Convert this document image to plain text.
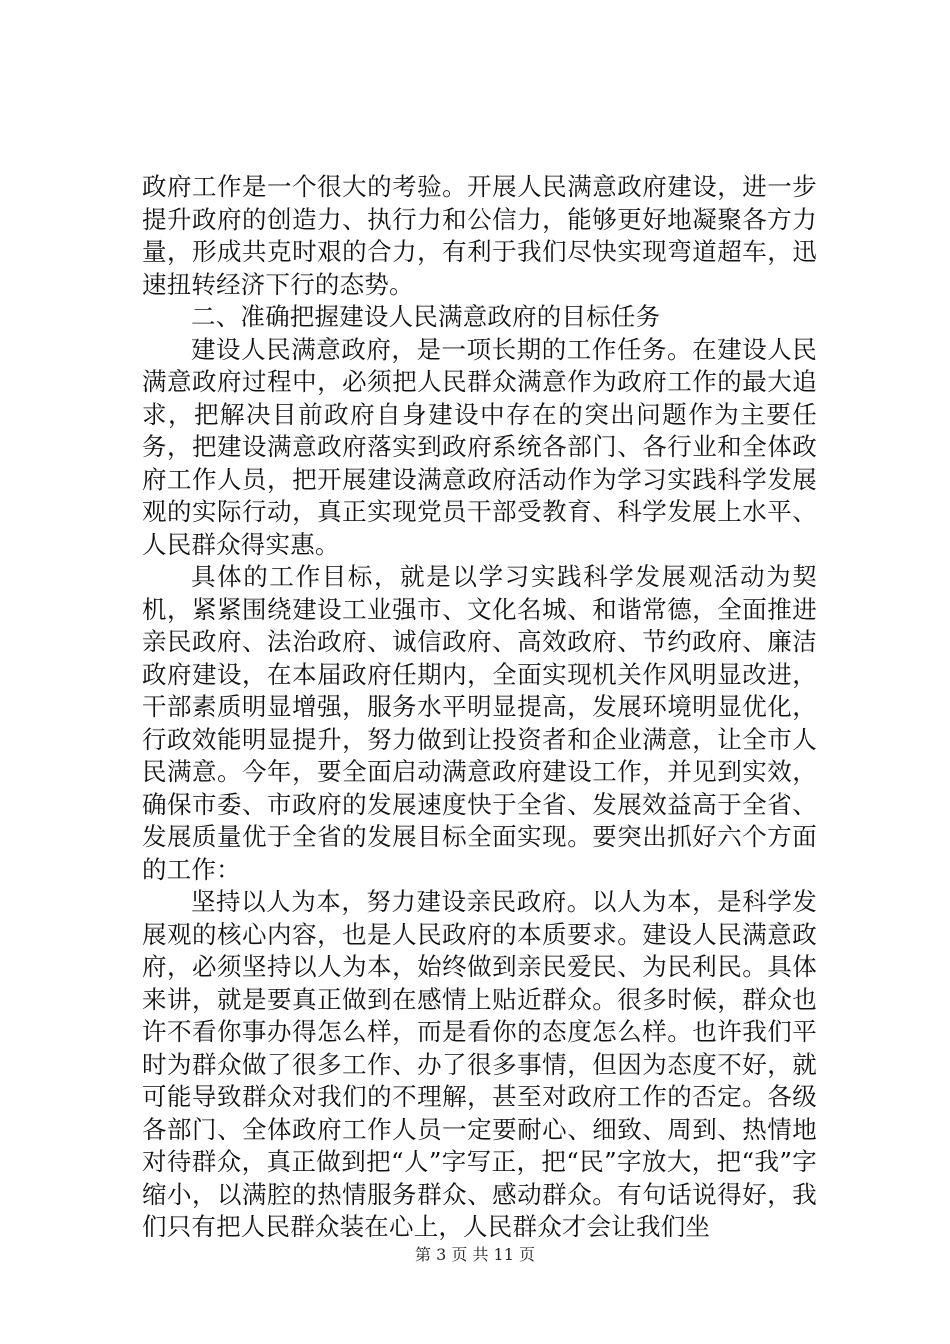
政府工作是一个很大的考验。开展人民满意政府建设，进一步提升政府的创造力、执行力和公信力，能够更好地凝聚各方力量，形成共克时艰的合力，有利于我们尽快实现弯道超车，迅速扭转经济下行的态势。

二、准确把握建设人民满意政府的目标任务

建设人民满意政府，是一项长期的工作任务。在建设人民满意政府过程中，必须把人民群众满意作为政府工作的最大追求，把解决目前政府自身建设中存在的突出问题作为主要任务，把建设满意政府落实到政府系统各部门、各行业和全体政府工作人员，把开展建设满意政府活动作为学习实践科学发展观的实际行动，真正实现党员干部受教育、科学发展上水平、人民群众得实惠。

具体的工作目标，就是以学习实践科学发展观活动为契机，紧紧围绕建设工业强市、文化名城、和谐常德，全面推进亲民政府、法治政府、诚信政府、高效政府、节约政府、廉洁政府建设，在本届政府任期内，全面实现机关作风明显改进，干部素质明显增强，服务水平明显提高，发展环境明显优化，行政效能明显提升，努力做到让投资者和企业满意，让全市人民满意。今年，要全面启动满意政府建设工作，并见到实效，确保市委、市政府的发展速度快于全省、发展效益高于全省、发展质量优于全省的发展目标全面实现。要突出抓好六个方面的工作：

坚持以人为本，努力建设亲民政府。以人为本，是科学发展观的核心内容，也是人民政府的本质要求。建设人民满意政府，必须坚持以人为本，始终做到亲民爱民、为民利民。具体来讲，就是要真正做到在感情上贴近群众。很多时候，群众也许不看你事办得怎么样，而是看你的态度怎么样。也许我们平时为群众做了很多工作、办了很多事情，但因为态度不好，就可能导致群众对我们的不理解，甚至对政府工作的否定。各级各部门、全体政府工作人员一定要耐心、细致、周到、热情地对待群众，真正做到把“人”字写正，把“民”字放大，把“我”字缩小，以满腔的热情服务群众、感动群众。有句话说得好，我们只有把人民群众装在心上，人民群众才会让我们坐

第 3 页 共 11 页
